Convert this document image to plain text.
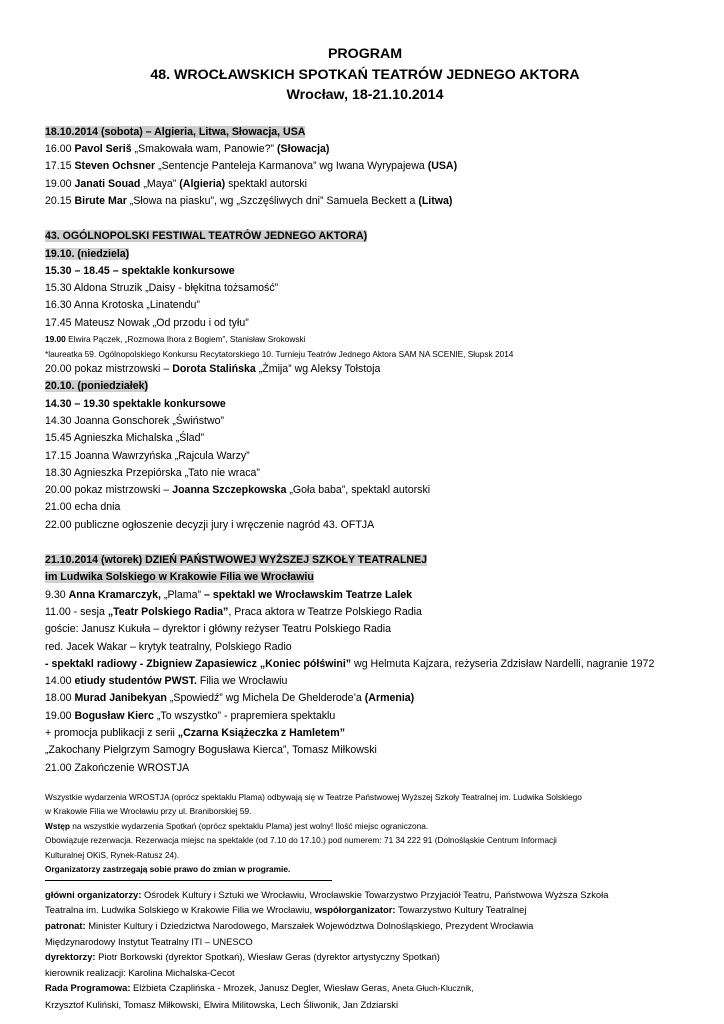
PROGRAM

48. WROCŁAWSKICH SPOTKAŃ TEATRÓW JEDNEGO AKTORA

Wrocław, 18-21.10.2014

18.10.2014 (sobota) – Algieria, Litwa, Słowacja, USA

16.00 Pavol Seriš „Smakowała wam, Panowie?” (Słowacja)

17.15 Steven Ochsner „Sentencje Panteleja Karmanova” wg Iwana Wyrypajewa (USA)

19.00 Janati Souad „Maya” (Algieria) spektakl autorski

20.15 Birute Mar „Słowa na piasku”, wg „Szczęśliwych dni” Samuela Beckett a (Litwa)

43. OGÓLNOPOLSKI FESTIWAL TEATRÓW JEDNEGO AKTORA)

19.10. (niedziela)

15.30 – 18.45 – spektakle konkursowe

15.30 Aldona Struzik „Daisy - błękitna tożsamość”

16.30 Anna Krotoska „Linatendu”

17.45 Mateusz Nowak „Od przodu i od tyłu”

19.00 Elwira Pączek, „Rozmowa Ihora z Bogiem”, Stanisław Srokowski

*laureatka 59. Ogólnopolskiego Konkursu Recytatorskiego 10. Turnieju Teatrów Jednego Aktora SAM NA SCENIE, Słupsk 2014

20.00 pokaz mistrzowski – Dorota Stalińska „Żmija” wg Aleksy Tołstoja

20.10. (poniedziałek)

14.30 – 19.30 spektakle konkursowe

14.30 Joanna Gonschorek „Świństwo”

15.45 Agnieszka Michalska „Ślad”

17.15 Joanna Wawrzyńska „Rajcula Warzy”

18.30 Agnieszka Przepiórska „Tato nie wraca”

20.00 pokaz mistrzowski – Joanna Szczepkowska „Goła baba”, spektakl autorski

21.00 echa dnia

22.00 publiczne ogłoszenie decyzji jury i wręczenie nagród 43. OFTJA

21.10.2014 (wtorek) DZIEŃ PAŃSTWOWEJ WYŻSZEJ SZKOŁY TEATRALNEJ

im Ludwika Solskiego w Krakowie Filia we Wrocławiu

9.30 Anna Kramarczyk, „Plama” – spektakl we Wrocławskim Teatrze Lalek

11.00 - sesja „Teatr Polskiego Radia”, Praca aktora w Teatrze Polskiego Radia

goście: Janusz Kukuła – dyrektor i główny reżyser Teatru Polskiego Radia

red. Jacek Wakar – krytyk teatralny, Polskiego Radio

- spektakl radiowy - Zbigniew Zapasiewicz „Koniec półświni” wg Helmuta Kajzara, reżyseria Zdzisław Nardelli, nagranie 1972

14.00 etiudy studentów PWST. Filia we Wrocławiu

18.00 Murad Janibekyan „Spowiedź” wg Michela De Ghelderode’a (Armenia)

19.00 Bogusław Kierc „To wszystko” - prapremiera spektaklu

+ promocja publikacji z serii „Czarna Książeczka z Hamletem”

„Zakochany Pielgrzym Samogry Bogusława Kierca”, Tomasz Miłkowski

21.00 Zakończenie WROSTJA

Wszystkie wydarzenia WROSTJA (oprócz spektaklu Plama) odbywają się w Teatrze Państwowej Wyższej Szkoły Teatralnej im. Ludwika Solskiego

w Krakowie Filia we Wrocławiu przy ul. Braniborskiej 59.

Wstęp na wszystkie wydarzenia Spotkań (oprócz spektaklu Plama) jest wolny! Ilość miejsc ograniczona.

Obowiązuje rezerwacja. Rezerwacja miejsc na spektakle (od 7.10 do 17.10.) pod numerem: 71 34 222 91 (Dolnośląskie Centrum Informacji

Kulturalnej OKiS, Rynek-Ratusz 24).

Organizatorzy zastrzegają sobie prawo do zmian w programie.

główni organizatorzy: Ośrodek Kultury i Sztuki we Wrocławiu, Wrocławskie Towarzystwo Przyjaciół Teatru, Państwowa Wyższa Szkoła

Teatralna im. Ludwika Solskiego w Krakowie Filia we Wrocławiu, współorganizator: Towarzystwo Kultury Teatralnej

patronat: Minister Kultury i Dziedzictwa Narodowego, Marszałek Województwa Dolnośląskiego, Prezydent Wrocławia

Międzynarodowy Instytut Teatralny ITI – UNESCO

dyrektorzy: Piotr Borkowski (dyrektor Spotkań), Wiesław Geras (dyrektor artystyczny Spotkań)

kierownik realizacji: Karolina Michalska-Cecot

Rada Programowa: Elżbieta Czaplińska - Mrozek, Janusz Degler, Wiesław Geras, Aneta Głuch-Klucznik,

Krzysztof Kuliński, Tomasz Miłkowski, Elwira Militowska, Lech Śliwonik, Jan Zdziarski
